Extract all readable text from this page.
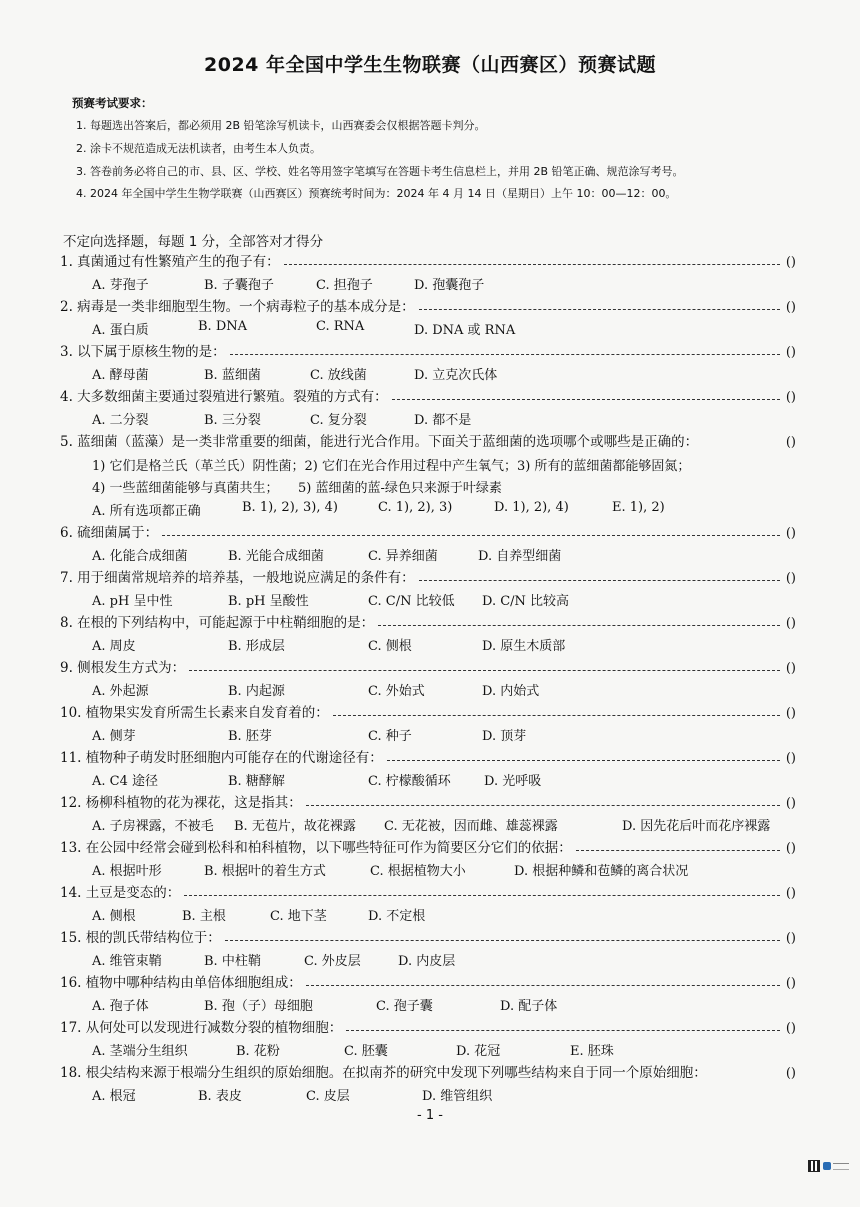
2024 年全国中学生生物联赛（山西赛区）预赛试题
预赛考试要求：
1. 每题选出答案后，都必须用 2B 铅笔涂写机读卡，山西赛委会仅根据答题卡判分。
2. 涂卡不规范造成无法机读者，由考生本人负责。
3. 答卷前务必将自己的市、县、区、学校、姓名等用签字笔填写在答题卡考生信息栏上，并用 2B 铅笔正确、规范涂写考号。
4. 2024 年全国中学生生物学联赛（山西赛区）预赛统考时间为：2024 年 4 月 14 日（星期日）上午 10：00—12：00。
不定向选择题，每题 1 分，全部答对才得分
1. 真菌通过有性繁殖产生的孢子有：	()
A. 芽孢子	B. 子囊孢子	C. 担孢子	D. 孢囊孢子
2. 病毒是一类非细胞型生物。一个病毒粒子的基本成分是：	()
A. 蛋白质	B. DNA	C. RNA	D. DNA 或 RNA
3. 以下属于原核生物的是：	()
A. 酵母菌	B. 蓝细菌	C. 放线菌	D. 立克次氏体
4. 大多数细菌主要通过裂殖进行繁殖。裂殖的方式有：	()
A. 二分裂	B. 三分裂	C. 复分裂	D. 都不是
5. 蓝细菌（蓝藻）是一类非常重要的细菌，能进行光合作用。下面关于蓝细菌的选项哪个或哪些是正确的：	()
1) 它们是格兰氏（革兰氏）阴性菌；2) 它们在光合作用过程中产生氧气；3) 所有的蓝细菌都能够固氮；
4) 一些蓝细菌能够与真菌共生；　　5) 蓝细菌的蓝-绿色只来源于叶绿素
A. 所有选项都正确	B. 1), 2), 3), 4)	C. 1), 2), 3)	D. 1), 2), 4)	E. 1), 2)
6. 硫细菌属于：	()
A. 化能合成细菌	B. 光能合成细菌	C. 异养细菌	D. 自养型细菌
7. 用于细菌常规培养的培养基，一般地说应满足的条件有：	()
A. pH 呈中性	B. pH 呈酸性	C. C/N 比较低 D. C/N 比较高
8. 在根的下列结构中，可能起源于中柱鞘细胞的是：	()
A. 周皮	B. 形成层	C. 侧根	D. 原生木质部
9. 侧根发生方式为：	()
A. 外起源	B. 内起源	C. 外始式	D. 内始式
10. 植物果实发育所需生长素来自发育着的：	()
A. 侧芽	B. 胚芽	C. 种子	D. 顶芽
11. 植物种子萌发时胚细胞内可能存在的代谢途径有：	()
A. C4 途径	B. 糖酵解	C. 柠檬酸循环	D. 光呼吸
12. 杨柳科植物的花为裸花，这是指其：	()
A. 子房裸露，不被毛 B. 无苞片，故花裸露 C. 无花被，因而雌、雄蕊裸露	D. 因先花后叶而花序裸露
13. 在公园中经常会碰到松科和柏科植物，以下哪些特征可作为简要区分它们的依据：	()
A. 根据叶形	B. 根据叶的着生方式	C. 根据植物大小	D. 根据种鳞和苞鳞的离合状况
14. 土豆是变态的：	()
A. 侧根	B. 主根	C. 地下茎	D. 不定根
15. 根的凯氏带结构位于：	()
A. 维管束鞘	B. 中柱鞘	C. 外皮层	D. 内皮层
16. 植物中哪种结构由单倍体细胞组成：	()
A. 孢子体	B. 孢（子）母细胞	C. 孢子囊	D. 配子体
17. 从何处可以发现进行减数分裂的植物细胞：	()
A. 茎端分生组织	B. 花粉	C. 胚囊	D. 花冠	E. 胚珠
18. 根尖结构来源于根端分生组织的原始细胞。在拟南芥的研究中发现下列哪些结构来自于同一个原始细胞：	()
A. 根冠	B. 表皮	C. 皮层	D. 维管组织
- 1 -
